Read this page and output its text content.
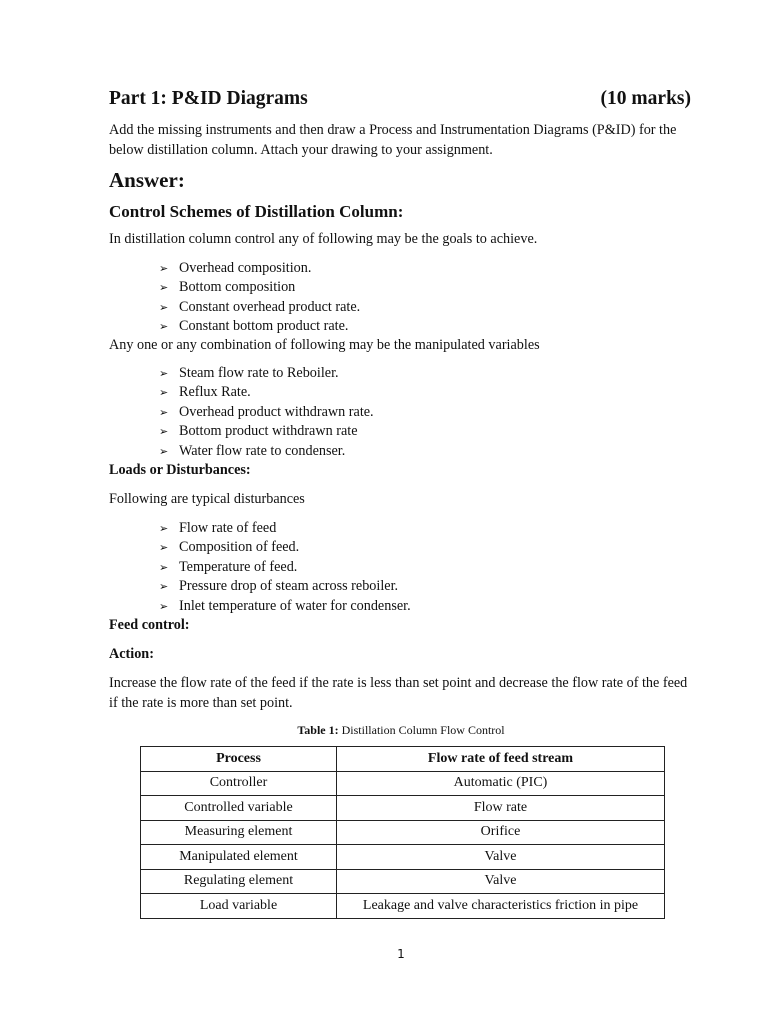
Part 1: P&ID Diagrams	(10 marks)
Add the missing instruments and then draw a Process and Instrumentation Diagrams (P&ID) for the below distillation column. Attach your drawing to your assignment.
Answer:
Control Schemes of Distillation Column:
In distillation column control any of following may be the goals to achieve.
➢ Overhead composition.
➢ Bottom composition
➢ Constant overhead product rate.
➢ Constant bottom product rate.
Any one or any combination of following may be the manipulated variables
➢ Steam flow rate to Reboiler.
➢ Reflux Rate.
➢ Overhead product withdrawn rate.
➢ Bottom product withdrawn rate
➢ Water flow rate to condenser.
Loads or Disturbances:
Following are typical disturbances
➢ Flow rate of feed
➢ Composition of feed.
➢ Temperature of feed.
➢ Pressure drop of steam across reboiler.
➢ Inlet temperature of water for condenser.
Feed control:
Action:
Increase the flow rate of the feed if the rate is less than set point and decrease the flow rate of the feed if the rate is more than set point.
Table 1: Distillation Column Flow Control
Process	Flow rate of feed stream
Controller	Automatic (PIC)
Controlled variable	Flow rate
Measuring element	Orifice
Manipulated element	Valve
Regulating element	Valve
Load variable	Leakage and valve characteristics friction in pipe
1
